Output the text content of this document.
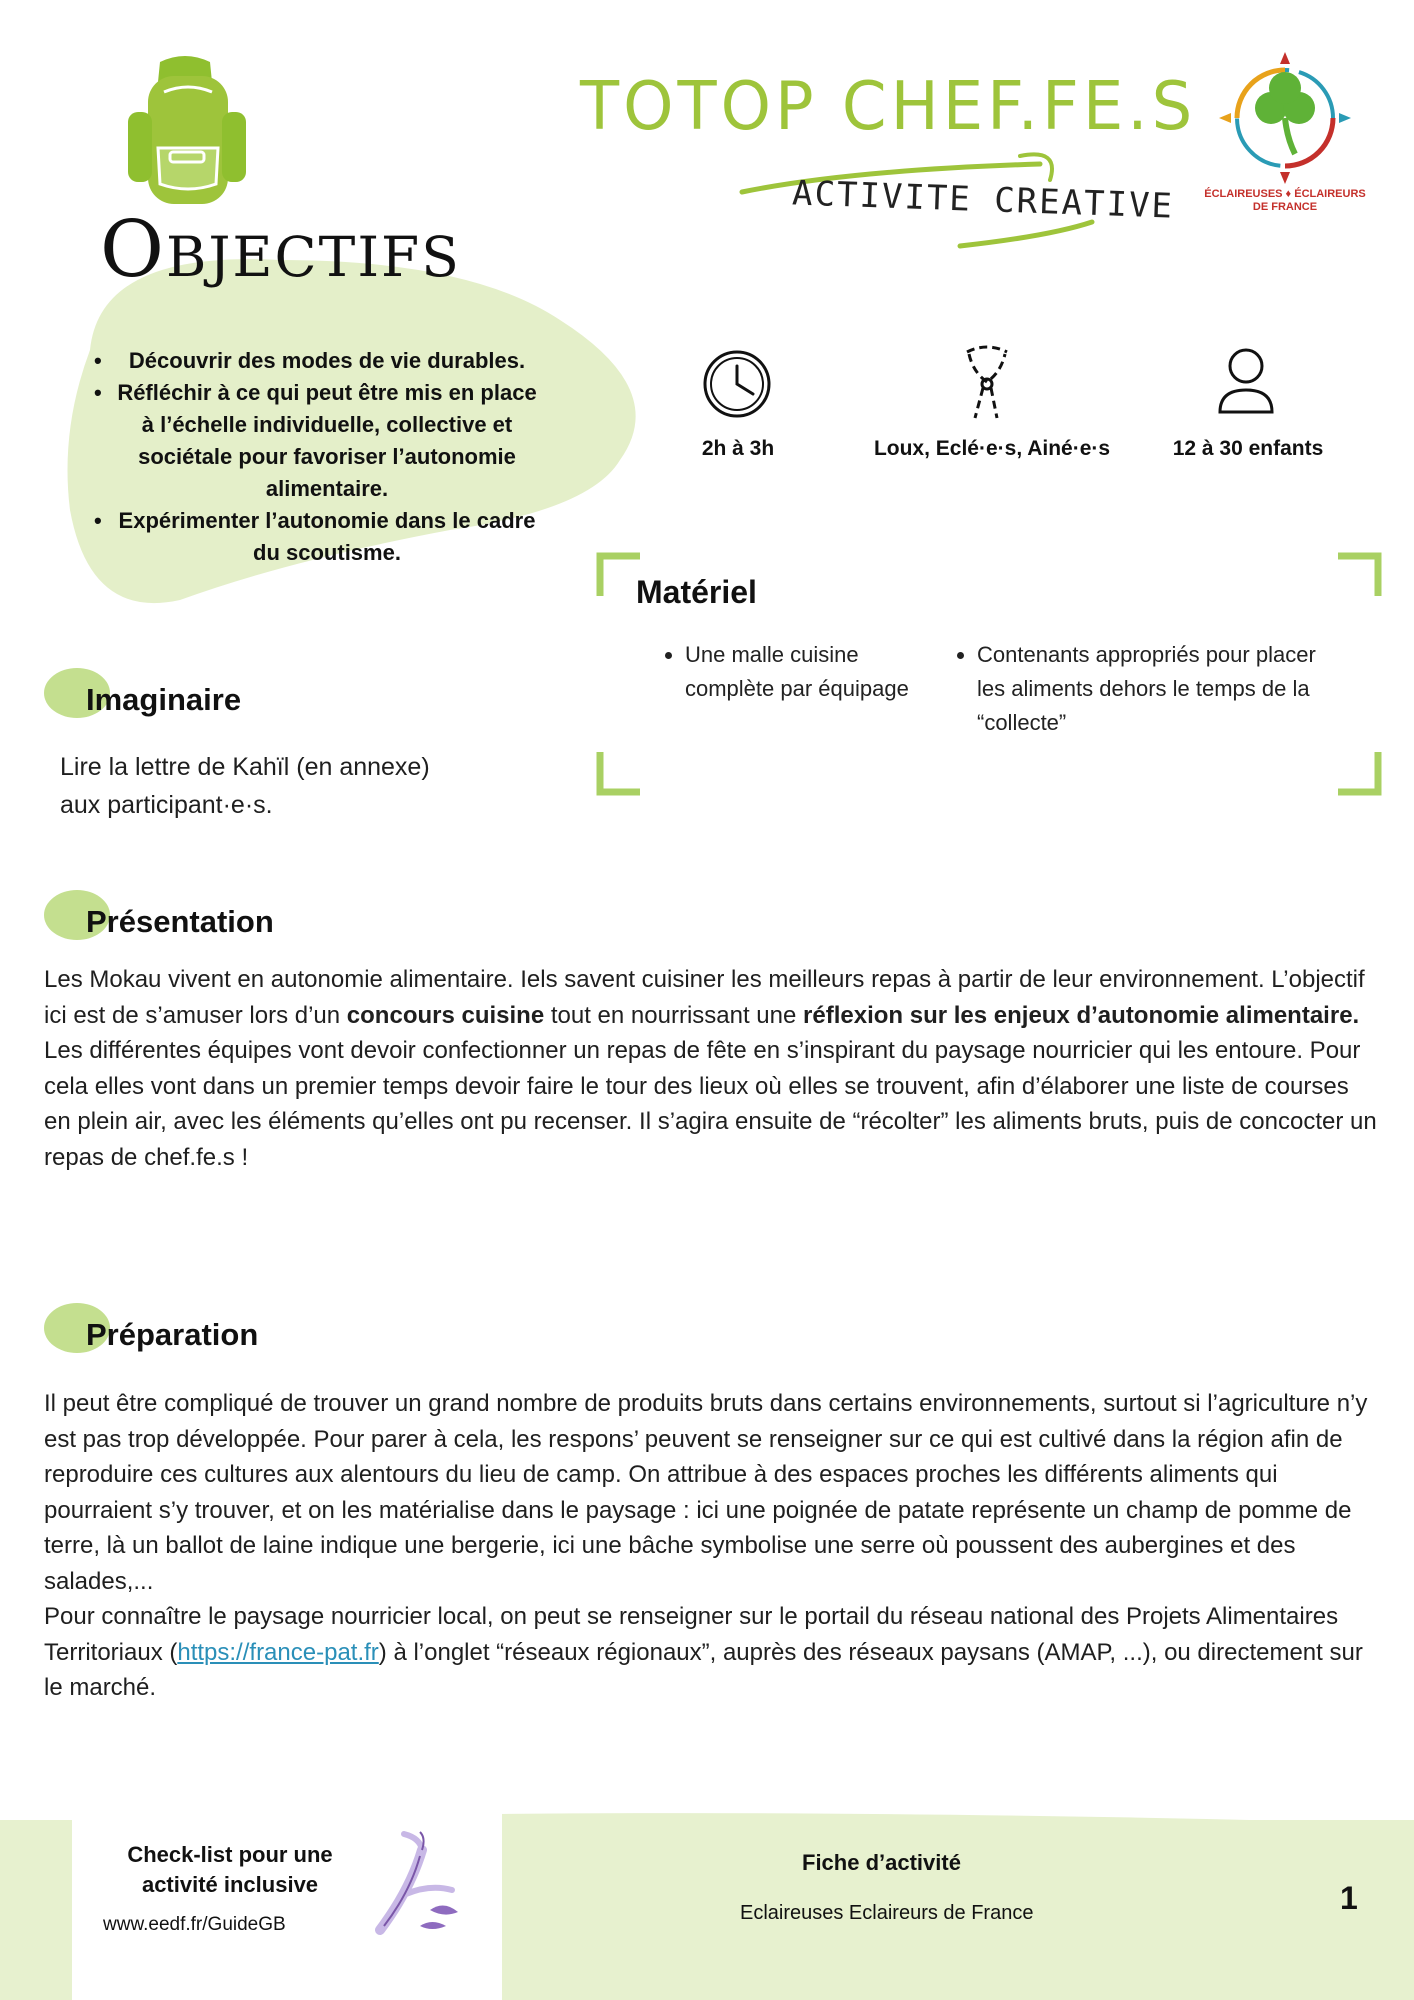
TOTOP CHEF.FE.S
ACTIVITE CREATIVE	ÉCLAIREUSES ♦ ÉCLAIREURS
DE FRANCE
Objectifs
• Découvrir des modes de vie durables.
• Réfléchir à ce qui peut être mis en place à l’échelle individuelle, collective et sociétale pour favoriser l’autonomie alimentaire.
• Expérimenter l’autonomie dans le cadre du scoutisme.
2h à 3h	Loux, Eclé·e·s, Ainé·e·s	12 à 30 enfants
Matériel
• Une malle cuisine complète par équipage
• Contenants appropriés pour placer les aliments dehors le temps de la “collecte”
Imaginaire

Lire la lettre de Kahïl (en annexe) aux participant·e·s.

Présentation

Les Mokau vivent en autonomie alimentaire. Iels savent cuisiner les meilleurs repas à partir de leur environnement. L’objectif ici est de s’amuser lors d’un concours cuisine tout en nourrissant une réflexion sur les enjeux d’autonomie alimentaire.

Les différentes équipes vont devoir confectionner un repas de fête en s’inspirant du paysage nourricier qui les entoure. Pour cela elles vont dans un premier temps devoir faire le tour des lieux où elles se trouvent, afin d’élaborer une liste de courses en plein air, avec les éléments qu’elles ont pu recenser. Il s’agira ensuite de “récolter” les aliments bruts, puis de concocter un repas de chef.fe.s !

Préparation

Il peut être compliqué de trouver un grand nombre de produits bruts dans certains environnements, surtout si l’agriculture n’y est pas trop développée. Pour parer à cela, les respons’ peuvent se renseigner sur ce qui est cultivé dans la région afin de reproduire ces cultures aux alentours du lieu de camp. On attribue à des espaces proches les différents aliments qui pourraient s’y trouver, et on les matérialise dans le paysage : ici une poignée de patate représente un champ de pomme de terre, là un ballot de laine indique une bergerie, ici une bâche symbolise une serre où poussent des aubergines et des salades,...

Pour connaître le paysage nourricier local, on peut se renseigner sur le portail du réseau national des Projets Alimentaires Territoriaux (https://france-pat.fr) à l’onglet “réseaux régionaux”, auprès des réseaux paysans (AMAP, ...), ou directement sur le marché.

Check-list pour une activité inclusive
www.eedf.fr/GuideGB
Fiche d’activité
Eclaireuses Eclaireurs de France	1
